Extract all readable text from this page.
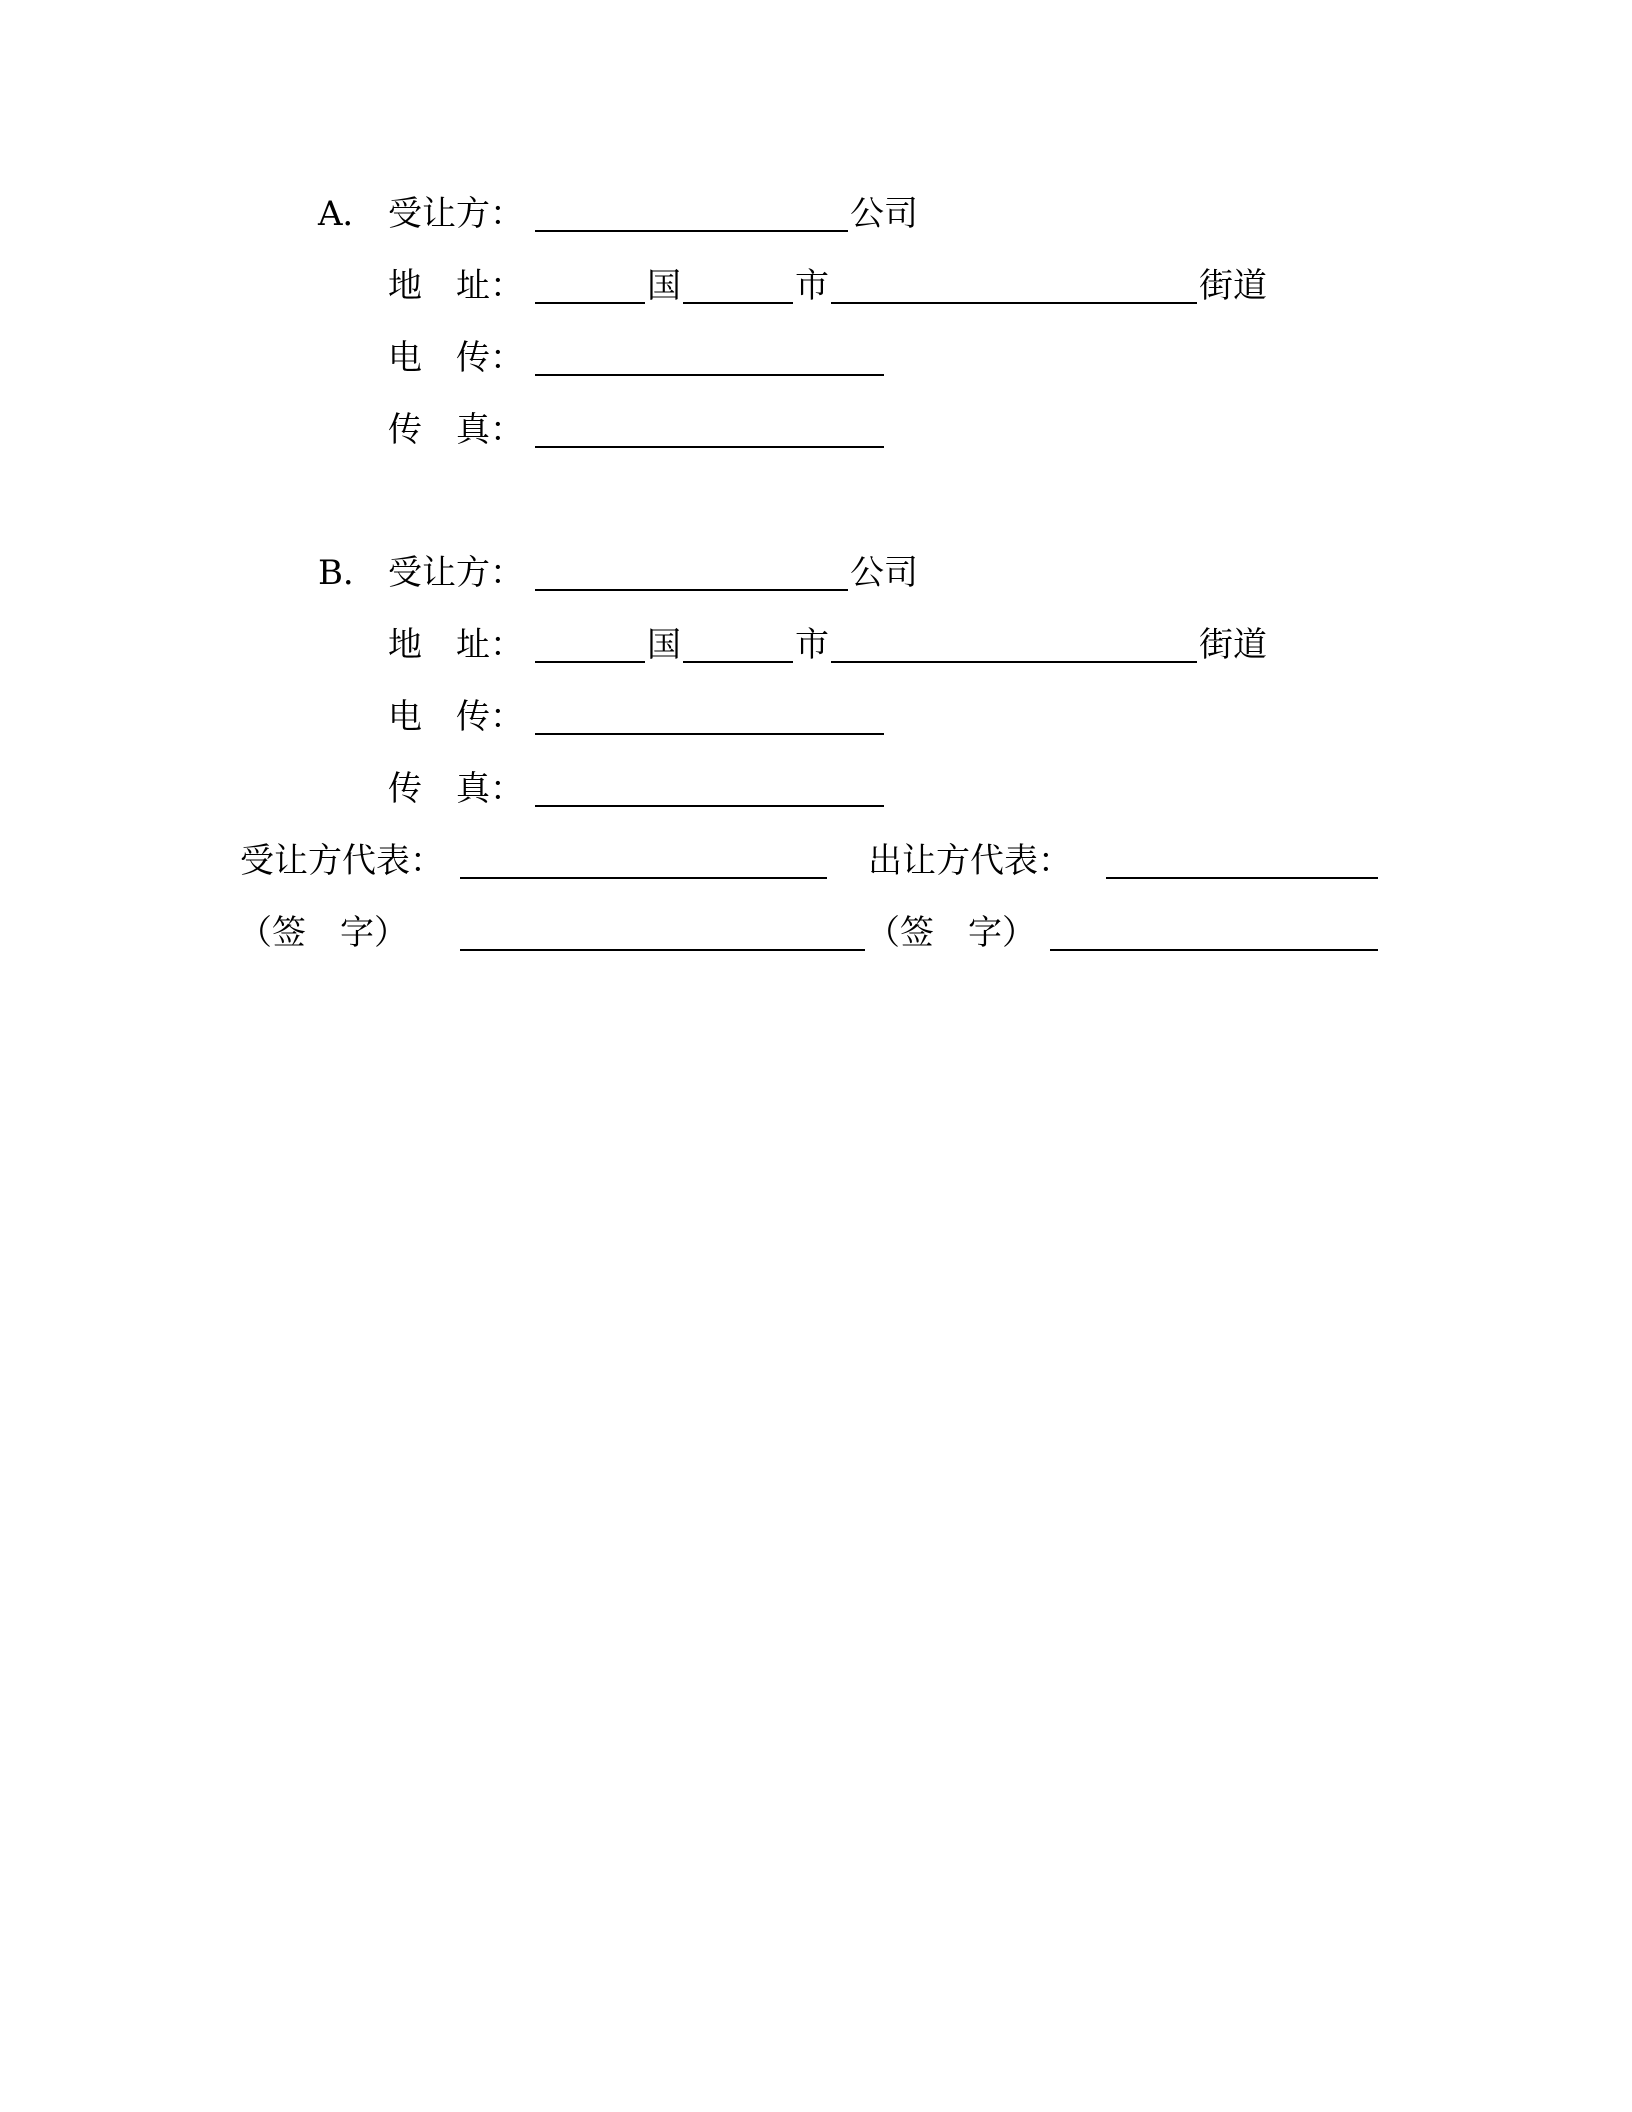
A． 受让方：	公司
地　址：	国	市	街道
电　传：
传　真：
B． 受让方：	公司
地　址：	国	市	街道
电　传：
传　真：
受让方代表：	出让方代表：
（签　字）	（签　字）
